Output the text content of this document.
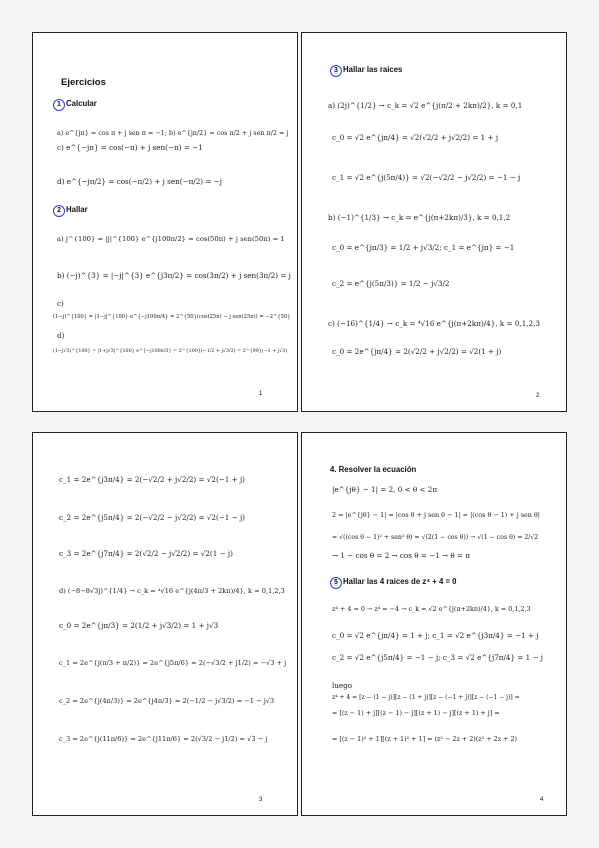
Ejercicios
1 Calcular
a) e^{jπ} = cos π + j sen π = −1; b) e^{jπ/2} = cos π/2 + j sen π/2 = j
c) e^{−jπ} = cos(−π) + j sen(−π) = −1
d) e^{−jπ/2} = cos(−π/2) + j sen(−π/2) = −j
2 Hallar
a) j^{100} = |j|^{100} e^{j100π/2} = cos(50π) + j sen(50π) = 1
b) (−j)^{3} = |−j|^{3} e^{j3π/2} = cos(3π/2) + j sen(3π/2) = j
c)
(1−j)^{100} = |1−j|^{100} e^{−j100π/4} = 2^{50}(cos(25π) − j sen(25π)) = −2^{50}
d)
(1−j√3)^{100} = |1+j√3|^{100} e^{−j100π/3} = 2^{100}(−1/2 + j√3/2) = 2^{99}(−1 + j√3)
1
3 Hallar las raices
a) (2j)^{1/2} → c_k = √2 e^{j(π/2 + 2kπ)/2}, k = 0,1
c_0 = √2 e^{jπ/4} = √2(√2/2 + j√2/2) = 1 + j
c_1 = √2 e^{j(5π/4)} = √2(−√2/2 − j√2/2) = −1 − j
b) (−1)^{1/3} → c_k = e^{j(π+2kπ)/3}, k = 0,1,2
c_0 = e^{jπ/3} = 1/2 + j√3/2; c_1 = e^{jπ} = −1
c_2 = e^{j(5π/3)} = 1/2 − j√3/2
c) (−16)^{1/4} → c_k = ⁴√16 e^{j(π+2kπ)/4}, k = 0,1,2,3
c_0 = 2e^{jπ/4} = 2(√2/2 + j√2/2) = √2(1 + j)
2
c_1 = 2e^{j3π/4} = 2(−√2/2 + j√2/2) = √2(−1 + j)
c_2 = 2e^{j5π/4} = 2(−√2/2 − j√2/2) = √2(−1 − j)
c_3 = 2e^{j7π/4} = 2(√2/2 − j√2/2) = √2(1 − j)
d) (−8−8√3j)^{1/4} → c_k = ⁴√16 e^{j(4π/3 + 2kπ)/4}, k = 0,1,2,3
c_0 = 2e^{jπ/3} = 2(1/2 + j√3/2) = 1 + j√3
c_1 = 2e^{j(π/3 + π/2)} = 2e^{j5π/6} = 2(−√3/2 + j1/2) = −√3 + j
c_2 = 2e^{j(4π/3)} = 2e^{j4π/3} = 2(−1/2 − j√3/2) = −1 − j√3
c_3 = 2e^{j(11π/6)} = 2e^{j11π/6} = 2(√3/2 − j1/2) = √3 − j
3
4. Resolver la ecuación
|e^{jθ} − 1| = 2, 0 < θ < 2π
2 = |e^{jθ} − 1| = |cos θ + j sen θ − 1| = |(cos θ − 1) + j sen θ|
= √((cos θ − 1)² + sen² θ) = √(2(1 − cos θ)) → √(1 − cos θ) = 2/√2
→ 1 − cos θ = 2 → cos θ = −1 → θ = π
5 Hallar las 4 raices de z⁴ + 4 = 0
z⁴ + 4 = 0 → z⁴ = −4 → c_k = √2 e^{j(π+2kπ)/4}, k = 0,1,2,3
c_0 = √2 e^{jπ/4} = 1 + j; c_1 = √2 e^{j3π/4} = −1 + j
c_2 = √2 e^{j5π/4} = −1 − j; c_3 = √2 e^{j7π/4} = 1 − j
luego
z⁴ + 4 = [z − (1 − j)][z − (1 + j)][z − (−1 + j)][z − (−1 − j)] =
= [(z − 1) + j][(z − 1) − j][(z + 1) − j][(z + 1) + j] =
= [(z − 1)² + 1][(z + 1)² + 1] = (z² − 2z + 2)(z² + 2z + 2)
4
